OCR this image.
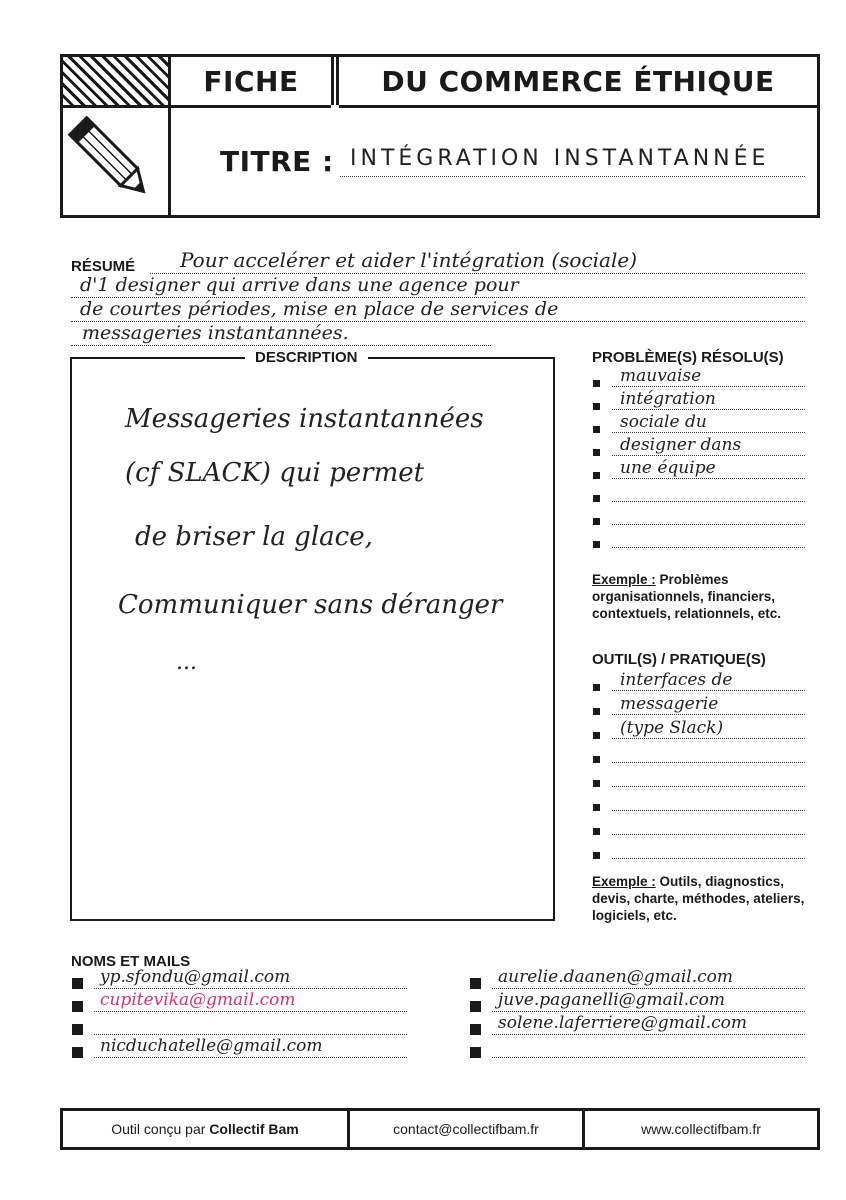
FICHE	DU COMMERCE ÉTHIQUE
TITRE : INTÉGRATION INSTANTANNÉE
RÉSUMÉ Pour accelérer et aider l'intégration (sociale)
d'1 designer qui arrive dans une agence pour
de courtes périodes, mise en place de services de
messageries instantannées.
DESCRIPTION
Messageries instantannées
(cf SLACK) qui permet
de briser la glace,
Communiquer sans déranger
...
PROBLÈME(S) RÉSOLU(S)
mauvaise
intégration
sociale du
designer dans
une équipe
Exemple : Problèmes organisationnels, financiers, contextuels, relationnels, etc.
OUTIL(S) / PRATIQUE(S)
interfaces de
messagerie
(type Slack)
Exemple : Outils, diagnostics, devis, charte, méthodes, ateliers, logiciels, etc.
NOMS ET MAILS
yp.sfondu@gmail.com
cupitevika@gmail.com
nicduchatelle@gmail.com
aurelie.daanen@gmail.com
juve.paganelli@gmail.com
solene.laferriere@gmail.com
Outil conçu par Collectif Bam	contact@collectifbam.fr	www.collectifbam.fr
